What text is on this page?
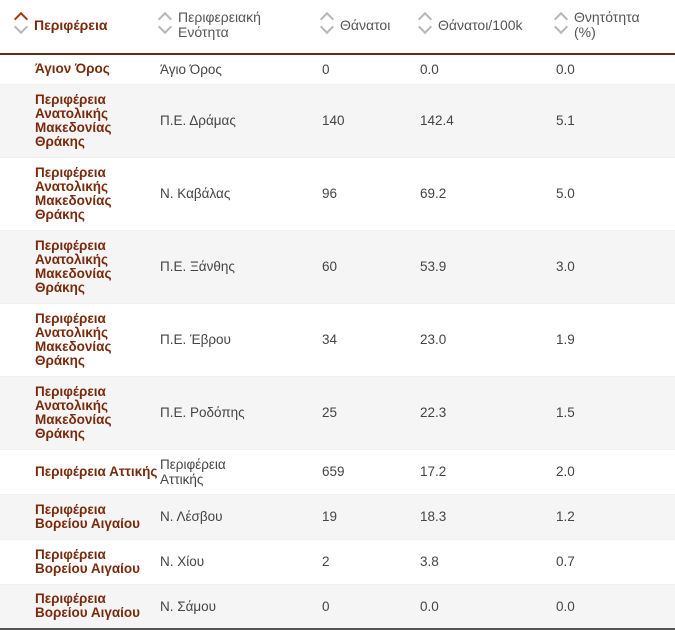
Περιφέρεια	Περιφερειακή Ενότητα	Θάνατοι	Θάνατοι/100k	Θνητότητα (%)
Άγιον Όρος	Άγιο Όρος	0	0.0	0.0
Περιφέρεια Ανατολικής Μακεδονίας Θράκης	Π.Ε. Δράμας	140	142.4	5.1
Περιφέρεια Ανατολικής Μακεδονίας Θράκης	Ν. Καβάλας	96	69.2	5.0
Περιφέρεια Ανατολικής Μακεδονίας Θράκης	Π.Ε. Ξάνθης	60	53.9	3.0
Περιφέρεια Ανατολικής Μακεδονίας Θράκης	Π.Ε. Έβρου	34	23.0	1.9
Περιφέρεια Ανατολικής Μακεδονίας Θράκης	Π.Ε. Ροδόπης	25	22.3	1.5
Περιφέρεια Αττικής	Περιφέρεια Αττικής	659	17.2	2.0
Περιφέρεια Βορείου Αιγαίου	Ν. Λέσβου	19	18.3	1.2
Περιφέρεια Βορείου Αιγαίου	Ν. Χίου	2	3.8	0.7
Περιφέρεια Βορείου Αιγαίου	Ν. Σάμου	0	0.0	0.0
